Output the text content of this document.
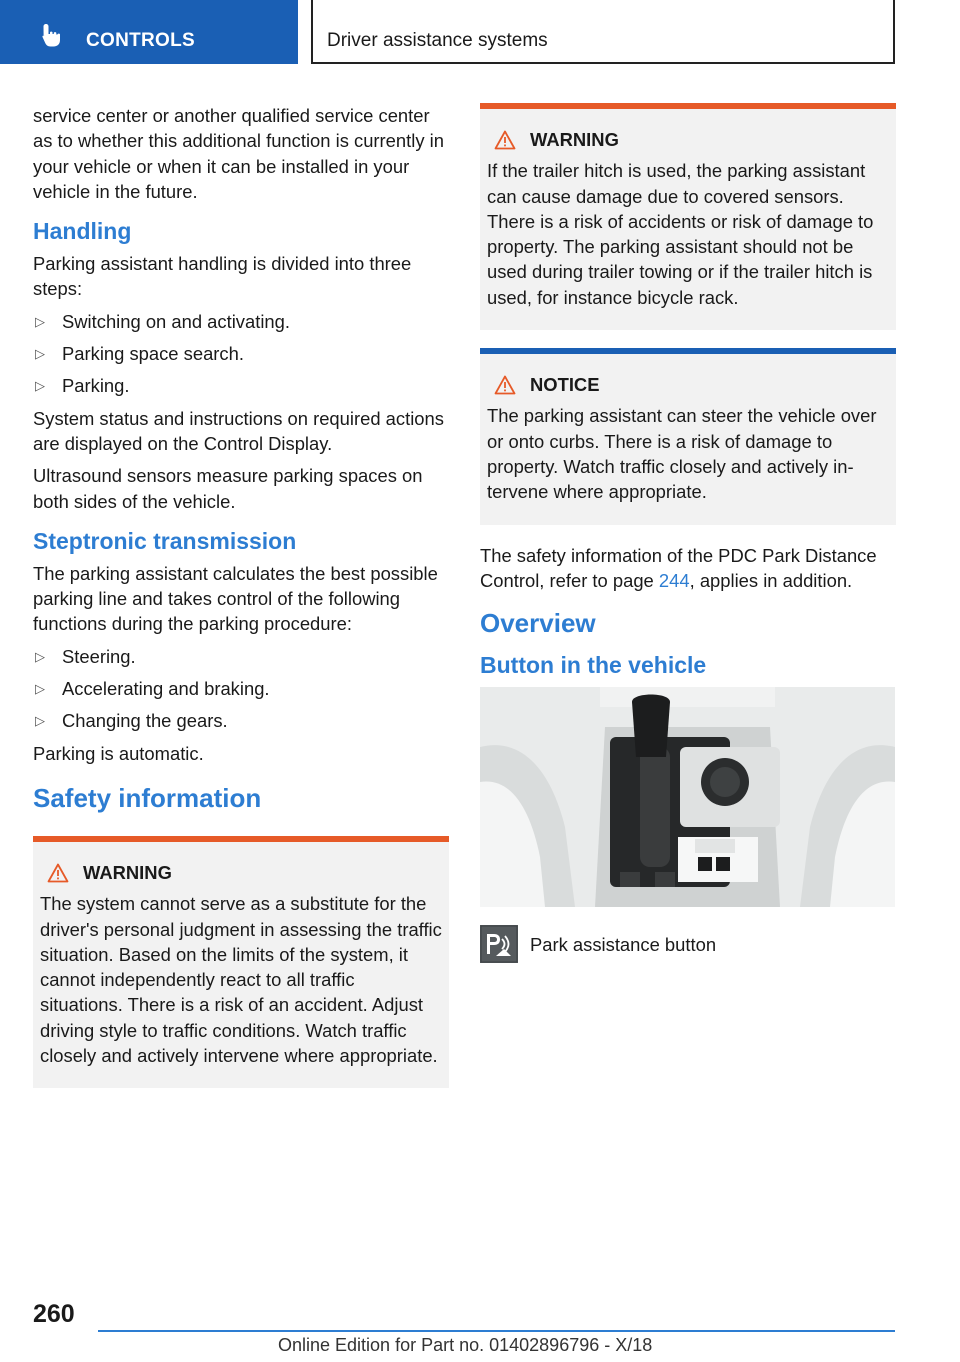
CONTROLS	Driver assistance systems

service center or another qualified service center as to whether this additional function is currently in your vehicle or when it can be installed in your vehicle in the future.

Handling

Parking assistant handling is divided into three steps:

▷ Switching on and activating.
▷ Parking space search.
▷ Parking.

System status and instructions on required actions are displayed on the Control Display.

Ultrasound sensors measure parking spaces on both sides of the vehicle.

Steptronic transmission

The parking assistant calculates the best possible parking line and takes control of the following functions during the parking procedure:

▷ Steering.
▷ Accelerating and braking.
▷ Changing the gears.

Parking is automatic.

Safety information
WARNING
The system cannot serve as a substitute for the driver's personal judgment in assessing the traffic situation. Based on the limits of the system, it cannot independently react to all traffic situations. There is a risk of an accident. Adjust driving style to traffic conditions. Watch traffic closely and actively intervene where appropriate.
WARNING
If the trailer hitch is used, the parking assistant can cause damage due to covered sensors. There is a risk of accidents or risk of damage to property. The parking assistant should not be used during trailer towing or if the trailer hitch is used, for instance bicycle rack.
NOTICE
The parking assistant can steer the vehicle over or onto curbs. There is a risk of damage to property. Watch traffic closely and actively intervene where appropriate.

The safety information of the PDC Park Distance Control, refer to page 244, applies in addition.

Overview
Button in the vehicle
Park assistance button
260
Online Edition for Part no. 01402896796 - X/18
